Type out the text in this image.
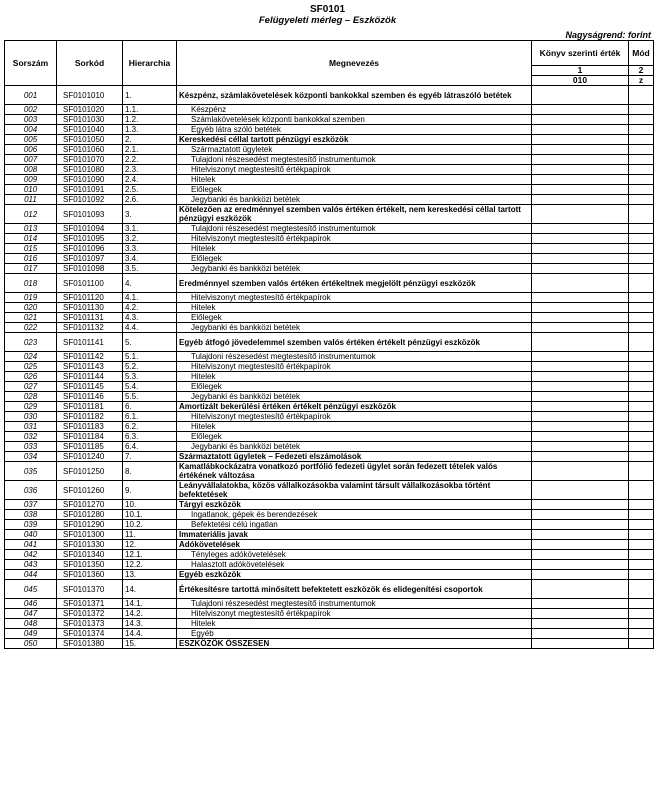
SF0101
Felügyeleti mérleg – Eszközök
Nagyságrend: forint
Sorszám	Sorkód	Hierarchia	Megnevezés	Könyv szerinti érték	Mód
				1	2
				010	z
001	SF0101010	1.	Készpénz, számlakövetelések központi bankokkal szemben és egyéb látraszóló betétek		
002	SF0101020	1.1.	Készpénz		
003	SF0101030	1.2.	Számlakövetelések központi bankokkal szemben		
004	SF0101040	1.3.	Egyéb látra szóló betétek		
005	SF0101050	2.	Kereskedési céllal tartott pénzügyi eszközök		
006	SF0101060	2.1.	Származtatott ügyletek		
007	SF0101070	2.2.	Tulajdoni részesedést megtestesítő instrumentumok		
008	SF0101080	2.3.	Hitelviszonyt megtestesítő értékpapírok		
009	SF0101090	2.4.	Hitelek		
010	SF0101091	2.5.	Előlegek		
011	SF0101092	2.6.	Jegybanki és bankközi betétek		
012	SF0101093	3.	Kötelezően az eredménnyel szemben valós értéken értékelt, nem kereskedési céllal tartott pénzügyi eszközök		
013	SF0101094	3.1.	Tulajdoni részesedést megtestesítő instrumentumok		
014	SF0101095	3.2.	Hitelviszonyt megtestesítő értékpapírok		
015	SF0101096	3.3.	Hitelek		
016	SF0101097	3.4.	Előlegek		
017	SF0101098	3.5.	Jegybanki és bankközi betétek		
018	SF0101100	4.	Eredménnyel szemben valós értéken értékeltnek megjelölt pénzügyi eszközök		
019	SF0101120	4.1.	Hitelviszonyt megtestesítő értékpapírok		
020	SF0101130	4.2.	Hitelek		
021	SF0101131	4.3.	Előlegek		
022	SF0101132	4.4.	Jegybanki és bankközi betétek		
023	SF0101141	5.	Egyéb átfogó jövedelemmel szemben valós értéken értékelt pénzügyi eszközök		
024	SF0101142	5.1.	Tulajdoni részesedést megtestesítő instrumentumok		
025	SF0101143	5.2.	Hitelviszonyt megtestesítő értékpapírok		
026	SF0101144	5.3.	Hitelek		
027	SF0101145	5.4.	Előlegek		
028	SF0101146	5.5.	Jegybanki és bankközi betétek		
029	SF0101181	6.	Amortizált bekerülési értéken értékelt pénzügyi eszközök		
030	SF0101182	6.1.	Hitelviszonyt megtestesítő értékpapírok		
031	SF0101183	6.2.	Hitelek		
032	SF0101184	6.3.	Előlegek		
033	SF0101185	6.4.	Jegybanki és bankközi betétek		
034	SF0101240	7.	Származtatott ügyletek – Fedezeti elszámolások		
035	SF0101250	8.	Kamatlábkockázatra vonatkozó portfólió fedezeti ügylet során fedezett tételek valós értékének változása		
036	SF0101260	9.	Leányvállalatokba, közös vállalkozásokba valamint társult vállalkozásokba történt befektetések		
037	SF0101270	10.	Tárgyi eszközök		
038	SF0101280	10.1.	Ingatlanok, gépek és berendezések		
039	SF0101290	10.2.	Befektetési célú ingatlan		
040	SF0101300	11.	Immateriális javak		
041	SF0101330	12.	Adókövetelések		
042	SF0101340	12.1.	Tényleges adókövetelések		
043	SF0101350	12.2.	Halasztott adókövetelések		
044	SF0101360	13.	Egyéb eszközök		
045	SF0101370	14.	Értékesítésre tartottá minősített befektetett eszközök és elidegenítési csoportok		
046	SF0101371	14.1.	Tulajdoni részesedést megtestesítő instrumentumok		
047	SF0101372	14.2.	Hitelviszonyt megtestesítő értékpapírok		
048	SF0101373	14.3.	Hitelek		
049	SF0101374	14.4.	Egyéb		
050	SF0101380	15.	ESZKÖZÖK ÖSSZESEN		
